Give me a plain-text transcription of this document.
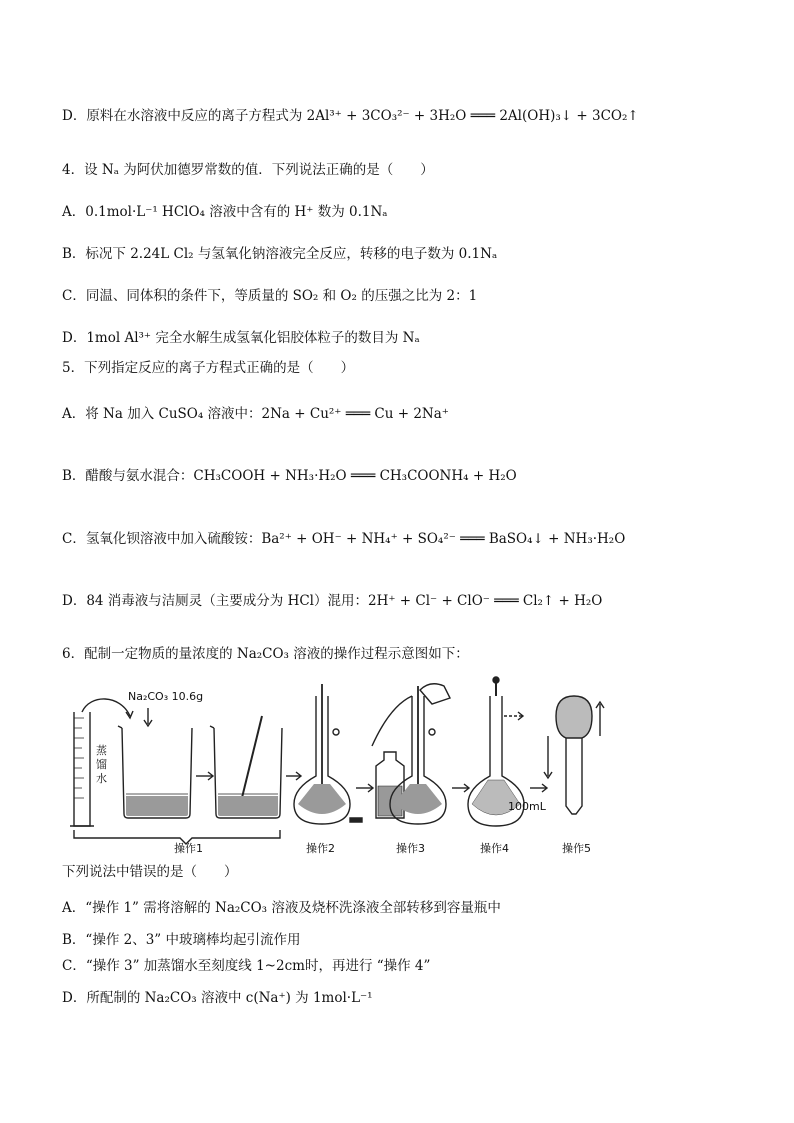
D．原料在水溶液中反应的离子方程式为 2Al³⁺ + 3CO₃²⁻ + 3H₂O ═══ 2Al(OH)₃↓ + 3CO₂↑
4．设 Nₐ 为阿伏加德罗常数的值．下列说法正确的是（　　）
A．0.1mol·L⁻¹ HClO₄ 溶液中含有的 H⁺ 数为 0.1Nₐ
B．标况下 2.24L Cl₂ 与氢氧化钠溶液完全反应，转移的电子数为 0.1Nₐ
C．同温、同体积的条件下，等质量的 SO₂ 和 O₂ 的压强之比为 2：1
D．1mol Al³⁺ 完全水解生成氢氧化铝胶体粒子的数目为 Nₐ
5．下列指定反应的离子方程式正确的是（　　）
A．将 Na 加入 CuSO₄ 溶液中：2Na + Cu²⁺ ═══ Cu + 2Na⁺
B．醋酸与氨水混合：CH₃COOH + NH₃·H₂O ═══ CH₃COONH₄ + H₂O
C．氢氧化钡溶液中加入硫酸铵：Ba²⁺ + OH⁻ + NH₄⁺ + SO₄²⁻ ═══ BaSO₄↓ + NH₃·H₂O
D．84 消毒液与洁厕灵（主要成分为 HCl）混用：2H⁺ + Cl⁻ + ClO⁻ ═══ Cl₂↑ + H₂O
6．配制一定物质的量浓度的 Na₂CO₃ 溶液的操作过程示意图如下：
Na₂CO₃ 10.6g
蒸
馏
水
100mL
操作1	操作2	操作3	操作4	操作5
下列说法中错误的是（　　）
A．“操作 1” 需将溶解的 Na₂CO₃ 溶液及烧杯洗涤液全部转移到容量瓶中
B．“操作 2、3” 中玻璃棒均起引流作用
C．“操作 3” 加蒸馏水至刻度线 1~2cm时，再进行 “操作 4”
D．所配制的 Na₂CO₃ 溶液中 c(Na⁺) 为 1mol·L⁻¹
